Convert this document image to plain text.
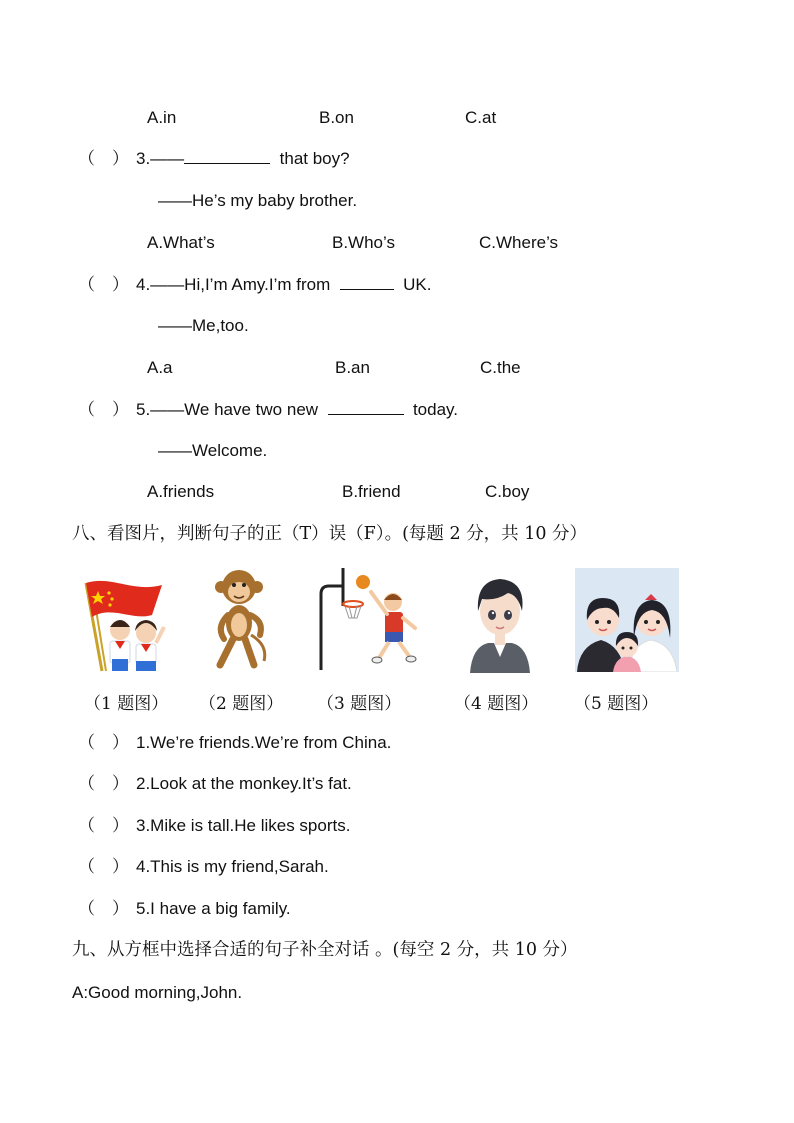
A.in	B.on	C.at
（　） 3.——	that boy?
——He’s my baby brother.
A.What’s	B.Who’s	C.Where’s
（　） 4.——Hi,I’m Amy.I’m from	UK.
——Me,too.
A.a	B.an	C.the
（　） 5.——We have two new	today.
——Welcome.
A.friends	B.friend	C.boy
八、看图片，判断句子的正（T）误（F）。(每题 2 分，共 10 分）
（1 题图） （2 题图） （3 题图）	（4 题图） （5 题图）
（　） 1.We’re friends.We’re from China.
（　） 2.Look at the monkey.It’s fat.
（　） 3.Mike is tall.He likes sports.
（　） 4.This is my friend,Sarah.
（　） 5.I have a big family.
九、从方框中选择合适的句子补全对话 。(每空 2 分，共 10 分）
A:Good morning,John.
